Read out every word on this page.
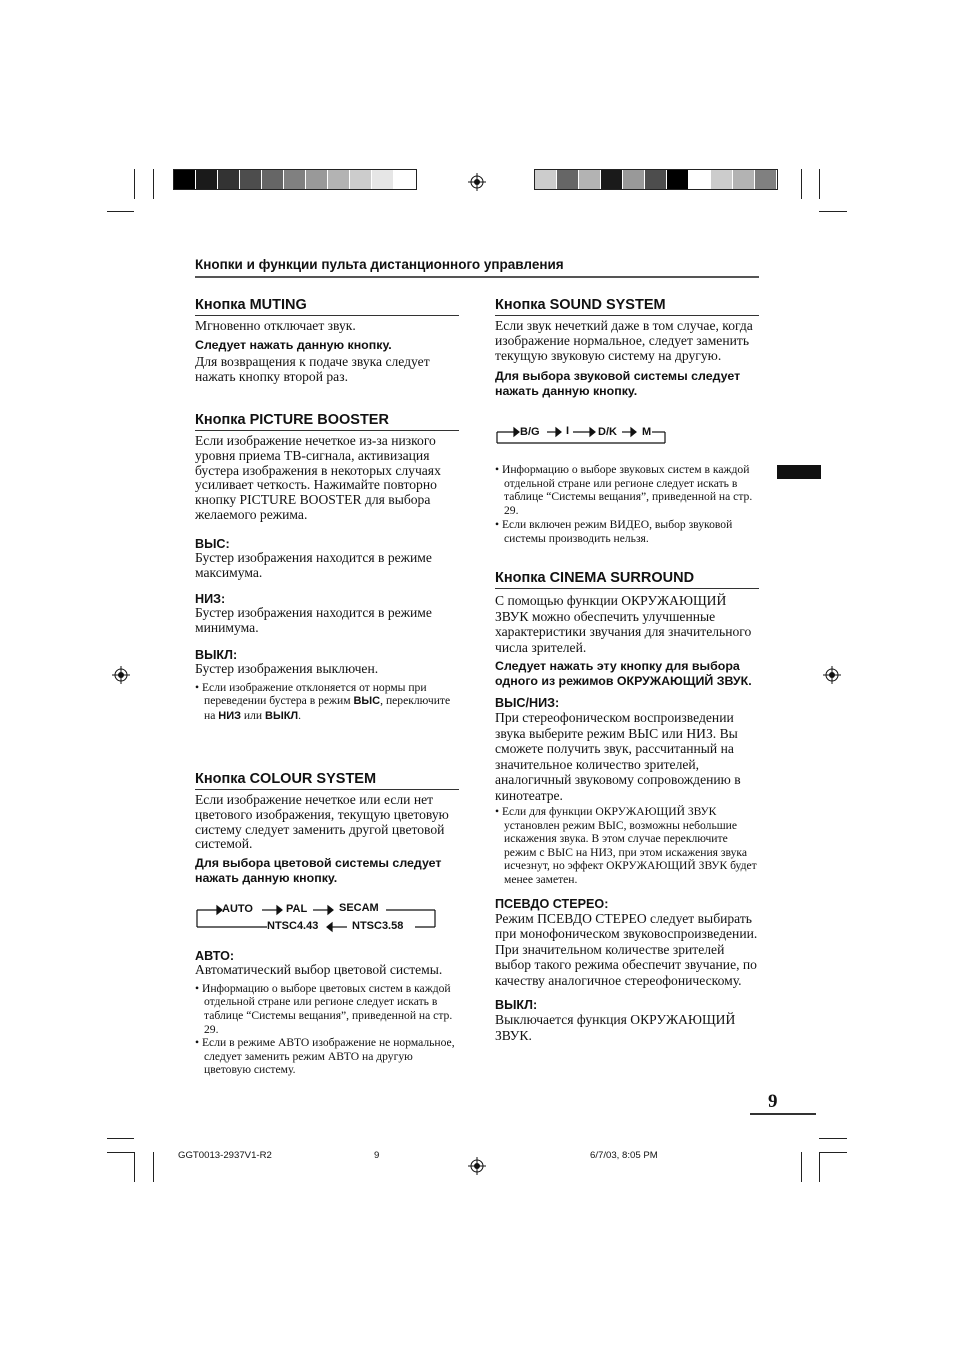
Кнопки и функции пульта дистанционного управления
Кнопка MUTING

Мгновенно отключает звук.

Следует нажать данную кнопку.

Для возвращения к подаче звука следует нажать кнопку второй раз.

Кнопка PICTURE BOOSTER

Если изображение нечеткое из-за низкого уровня приема ТВ-сигнала, активизация бустера изображения в некоторых случаях усиливает четкость. Нажимайте повторно кнопку PICTURE BOOSTER для выбора желаемого режима.

ВЫС:

Бустер изображения находится в режиме максимума.

НИЗ:

Бустер изображения находится в режиме минимума.

ВЫКЛ:

Бустер изображения выключен.

• Если изображение отклоняется от нормы при переведении бустера в режим ВЫС, переключите на НИЗ или ВЫКЛ.

Кнопка COLOUR SYSTEM

Если изображение нечеткое или если нет цветового изображения, текущую цветовую систему следует заменить другой цветовой системой.

Для выбора цветовой системы следует нажать данную кнопку.

AUTO	PAL	SECAM
NTSC4.43	NTSC3.58

АВТО:

Автоматический выбор цветовой системы.

• Информацию о выборе цветовых систем в каждой отдельной стране или регионе следует искать в таблице “Системы вещания”, приведенной на стр. 29.

• Если в режиме АВТО изображение не нормальное, следует заменить режим АВТО на другую цветовую систему.

Кнопка SOUND SYSTEM

Если звук нечеткий даже в том случае, когда изображение нормальное, следует заменить текущую звуковую систему на другую.

Для выбора звуковой системы следует нажать данную кнопку.

B/G I	D/K M

• Информацию о выборе звуковых систем в каждой отдельной стране или регионе следует искать в таблице “Системы вещания”, приведенной на стр. 29.

• Если включен режим ВИДЕО, выбор звуковой системы производить нельзя.

Кнопка CINEMA SURROUND

С помощью функции ОКРУЖАЮЩИЙ ЗВУК можно обеспечить улучшенные характеристики звучания для значительного числа зрителей.

Следует нажать эту кнопку для выбора одного из режимов ОКРУЖАЮЩИЙ ЗВУК.

ВЫС/НИЗ:

При стереофоническом воспроизведении звука выберите режим ВЫС или НИЗ. Вы сможете получить звук, рассчитанный на значительное количество зрителей, аналогичный звуковому сопровождению в кинотеатре.

• Если для функции ОКРУЖАЮЩИЙ ЗВУК установлен режим ВЫС, возможны небольшие искажения звука. В этом случае переключите режим с ВЫС на НИЗ, при этом искажения звука исчезнут, но эффект ОКРУЖАЮЩИЙ ЗВУК будет менее заметен.

ПСЕВДО СТЕРЕО:

Режим ПСЕВДО СТЕРЕО следует выбирать при монофоническом звуковоспроизведении. При значительном количестве зрителей выбор такого режима обеспечит звучание, по качеству аналогичное стереофоническому.

ВЫКЛ:

Выключается функция ОКРУЖАЮЩИЙ ЗВУК.

9
GGT0013-2937V1-R2	9	6/7/03, 8:05 PM
